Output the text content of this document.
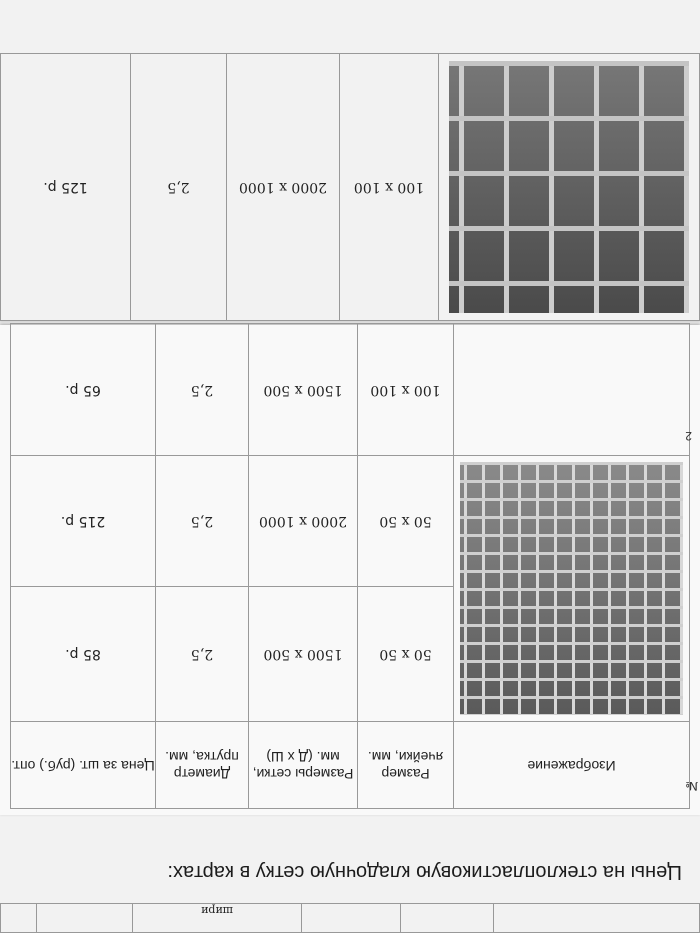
			шири		
Цены на стеклопластиковую кладочную сетку в картах:
№
Изображение	Размер ячейки, мм.	Размеры сетки, мм. (Д х Ш)	Диаметр прутка, мм.	Цена за шт. (руб.) опт.

	50 х 50	1500 х 500	2,5	85 р.
	50 х 50	2000 х 1000	2,5	215 р.
	100 х 100	1500 х 500	2,5	65 р.
2
	100 х 100	2000 х 1000	2,5	125 р.
